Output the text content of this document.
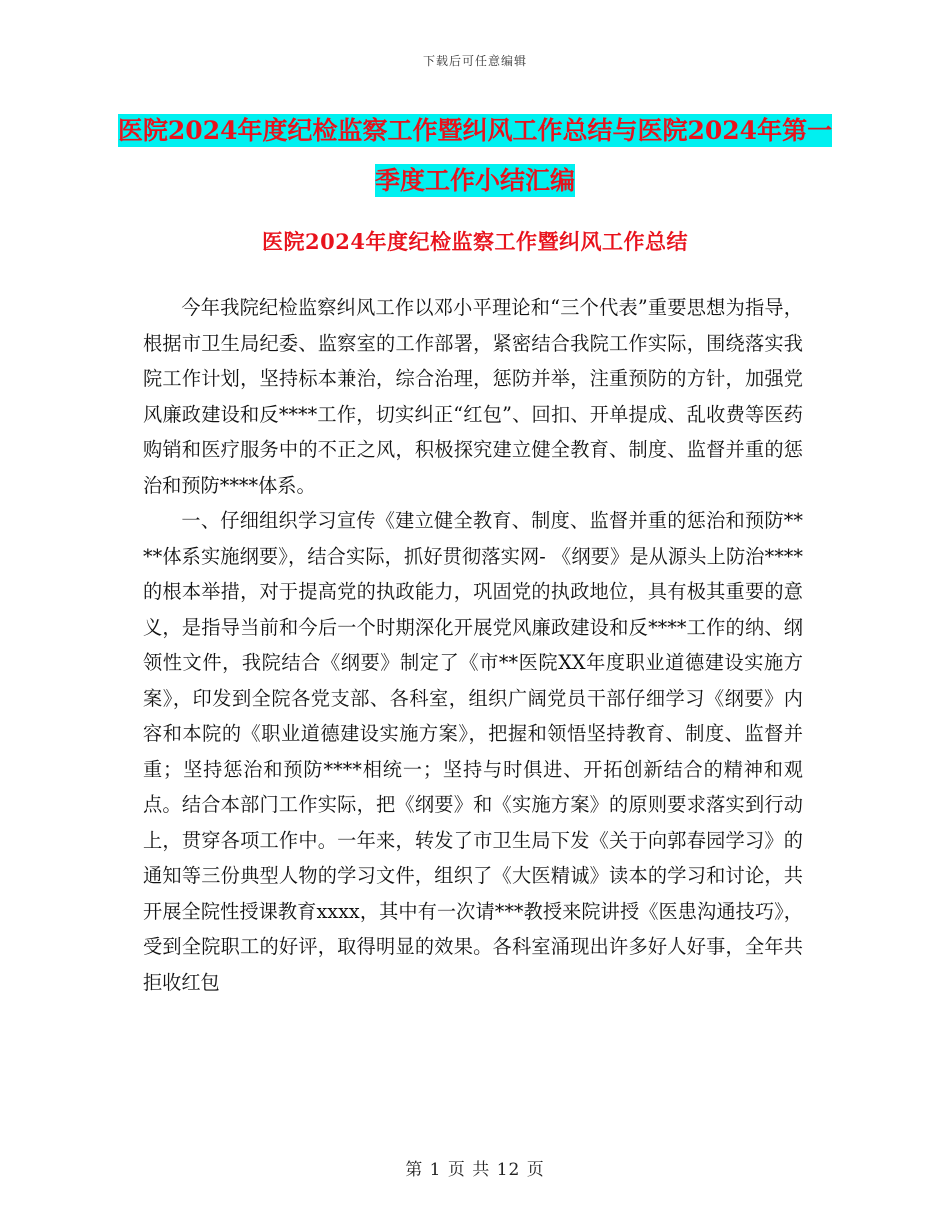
下载后可任意编辑
医院2024年度纪检监察工作暨纠风工作总结与医院2024年第一季度工作小结汇编
医院2024年度纪检监察工作暨纠风工作总结

今年我院纪检监察纠风工作以邓小平理论和“三个代表”重要思想为指导，根据市卫生局纪委、监察室的工作部署，紧密结合我院工作实际，围绕落实我院工作计划，坚持标本兼治，综合治理，惩防并举，注重预防的方针，加强党风廉政建设和反****工作，切实纠正“红包”、回扣、开单提成、乱收费等医药购销和医疗服务中的不正之风，积极探究建立健全教育、制度、监督并重的惩治和预防****体系。

一、仔细组织学习宣传《建立健全教育、制度、监督并重的惩治和预防****体系实施纲要》，结合实际，抓好贯彻落实网- 《纲要》是从源头上防治****的根本举措，对于提高党的执政能力，巩固党的执政地位，具有极其重要的意义，是指导当前和今后一个时期深化开展党风廉政建设和反****工作的纳、纲领性文件，我院结合《纲要》制定了《市**医院XX年度职业道德建设实施方案》，印发到全院各党支部、各科室，组织广阔党员干部仔细学习《纲要》内容和本院的《职业道德建设实施方案》，把握和领悟坚持教育、制度、监督并重；坚持惩治和预防****相统一；坚持与时俱进、开拓创新结合的精神和观点。结合本部门工作实际，把《纲要》和《实施方案》的原则要求落实到行动上，贯穿各项工作中。一年来，转发了市卫生局下发《关于向郭春园学习》的通知等三份典型人物的学习文件，组织了《大医精诚》读本的学习和讨论，共开展全院性授课教育xxxx，其中有一次请***教授来院讲授《医患沟通技巧》，受到全院职工的好评，取得明显的效果。各科室涌现出许多好人好事，全年共拒收红包

第 1 页 共 12 页
